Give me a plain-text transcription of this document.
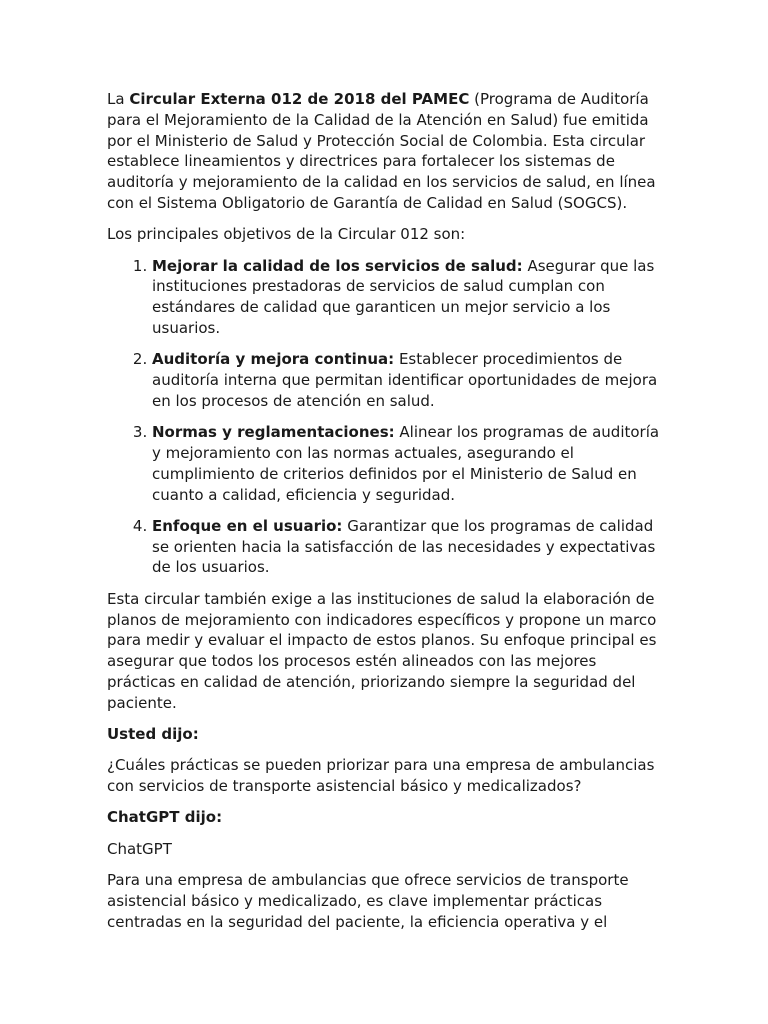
La Circular Externa 012 de 2018 del PAMEC (Programa de Auditoría para el Mejoramiento de la Calidad de la Atención en Salud) fue emitida por el Ministerio de Salud y Protección Social de Colombia. Esta circular establece lineamientos y directrices para fortalecer los sistemas de auditoría y mejoramiento de la calidad en los servicios de salud, en línea con el Sistema Obligatorio de Garantía de Calidad en Salud (SOGCS).

Los principales objetivos de la Circular 012 son:

1. Mejorar la calidad de los servicios de salud: Asegurar que las instituciones prestadoras de servicios de salud cumplan con estándares de calidad que garanticen un mejor servicio a los usuarios.
2. Auditoría y mejora continua: Establecer procedimientos de auditoría interna que permitan identificar oportunidades de mejora en los procesos de atención en salud.
3. Normas y reglamentaciones: Alinear los programas de auditoría y mejoramiento con las normas actuales, asegurando el cumplimiento de criterios definidos por el Ministerio de Salud en cuanto a calidad, eficiencia y seguridad.
4. Enfoque en el usuario: Garantizar que los programas de calidad se orienten hacia la satisfacción de las necesidades y expectativas de los usuarios.

Esta circular también exige a las instituciones de salud la elaboración de planos de mejoramiento con indicadores específicos y propone un marco para medir y evaluar el impacto de estos planos. Su enfoque principal es asegurar que todos los procesos estén alineados con las mejores prácticas en calidad de atención, priorizando siempre la seguridad del paciente.

Usted dijo:

¿Cuáles prácticas se pueden priorizar para una empresa de ambulancias con servicios de transporte asistencial básico y medicalizados?

ChatGPT dijo:

ChatGPT

Para una empresa de ambulancias que ofrece servicios de transporte asistencial básico y medicalizado, es clave implementar prácticas centradas en la seguridad del paciente, la eficiencia operativa y el
